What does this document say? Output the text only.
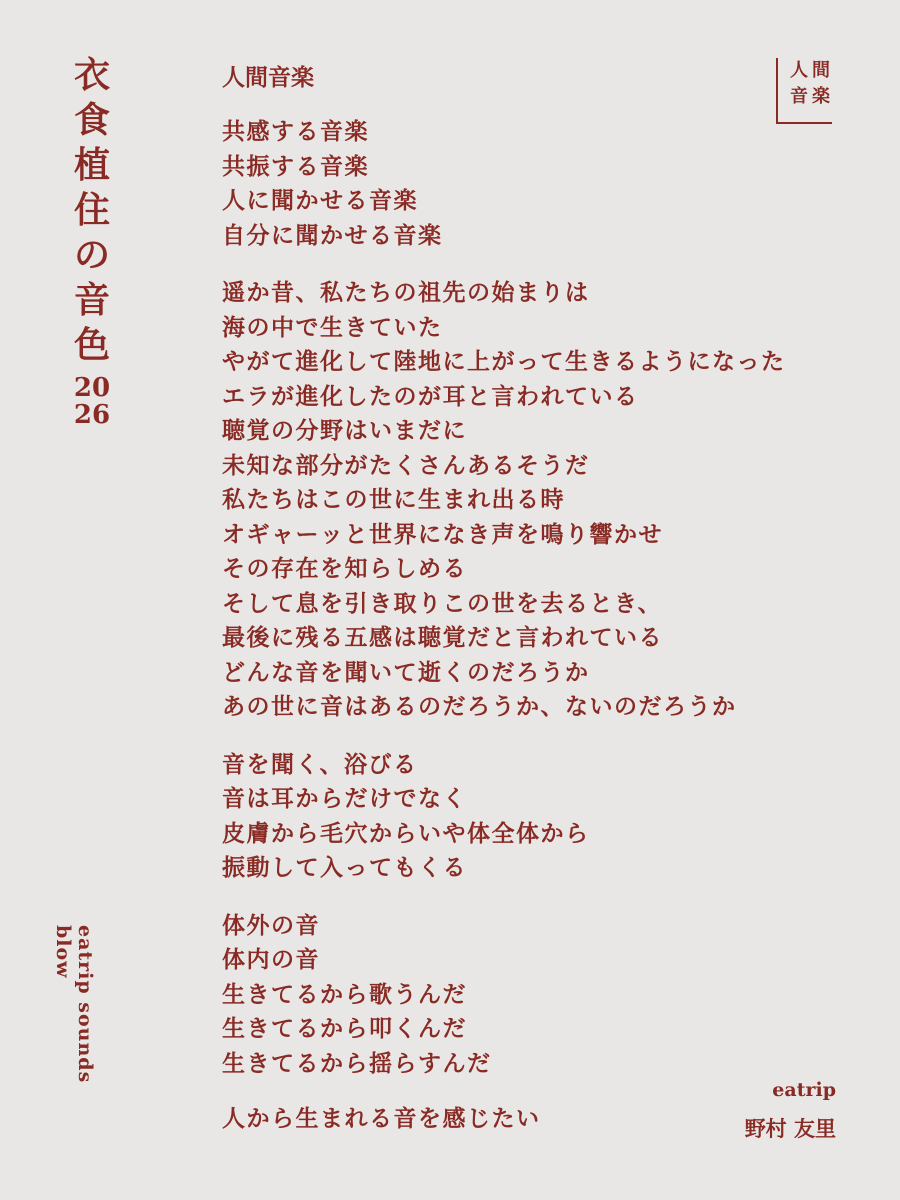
衣
食
植
住
の
音
色
20
26
eatrip sounds blow
人 間
音 楽
人間音楽
共感する音楽
共振する音楽
人に聞かせる音楽
自分に聞かせる音楽
遥か昔、私たちの祖先の始まりは
海の中で生きていた
やがて進化して陸地に上がって生きるようになった
エラが進化したのが耳と言われている
聴覚の分野はいまだに
未知な部分がたくさんあるそうだ
私たちはこの世に生まれ出る時
オギャーッと世界になき声を鳴り響かせ
その存在を知らしめる
そして息を引き取りこの世を去るとき、
最後に残る五感は聴覚だと言われている
どんな音を聞いて逝くのだろうか
あの世に音はあるのだろうか、ないのだろうか
音を聞く、浴びる
音は耳からだけでなく
皮膚から毛穴からいや体全体から
振動して入ってもくる
体外の音
体内の音
生きてるから歌うんだ
生きてるから叩くんだ
生きてるから揺らすんだ
人から生まれる音を感じたい
eatrip
野村 友里
